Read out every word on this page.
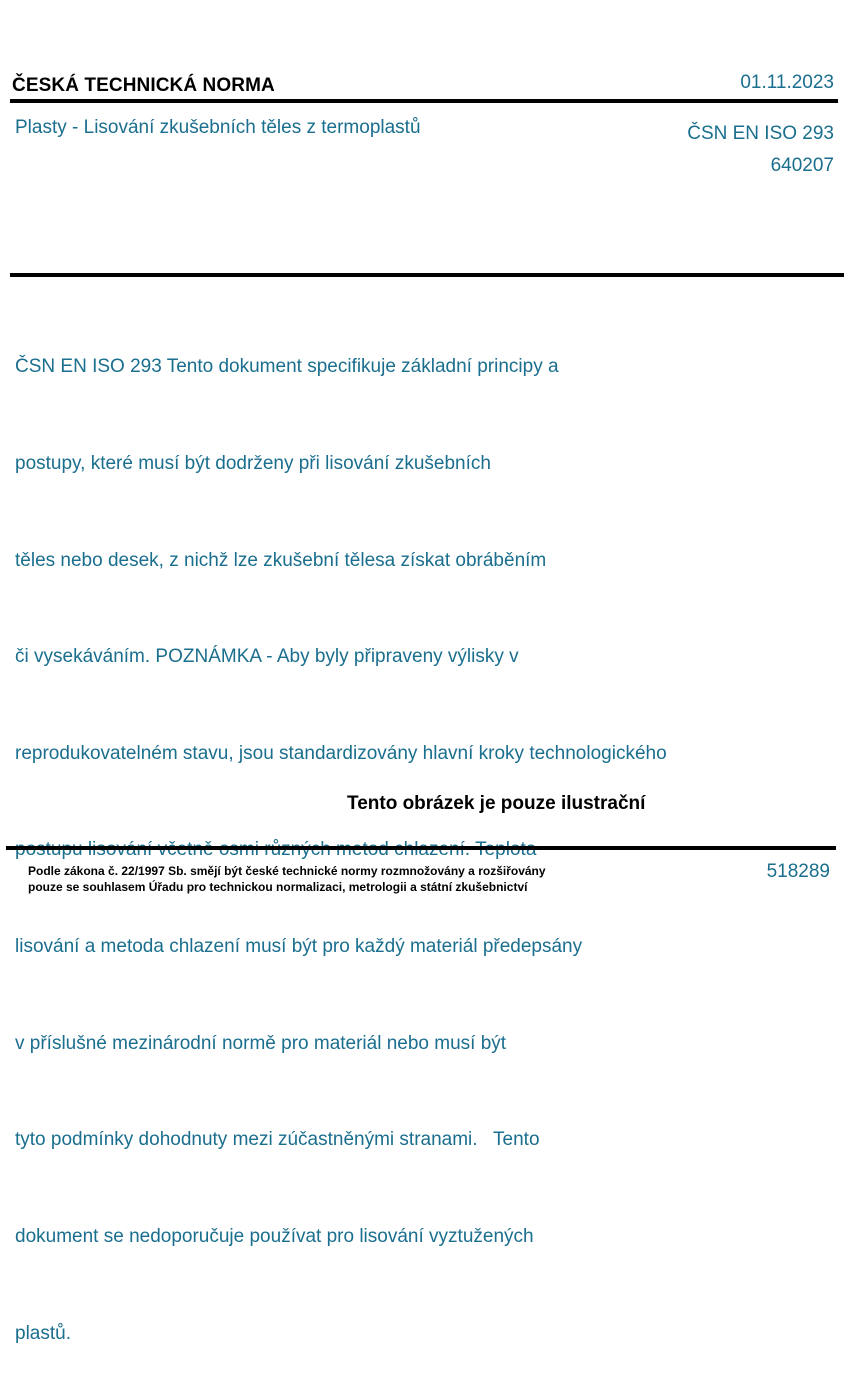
ČESKÁ TECHNICKÁ NORMA	01.11.2023
Plasty - Lisování zkušebních těles z termoplastů	ČSN EN ISO 293
640207

ČSN EN ISO 293 Tento dokument specifikuje základní principy a

postupy, které musí být dodrženy při lisování zkušebních

těles nebo desek, z nichž lze zkušební tělesa získat obráběním

či vysekáváním. POZNÁMKA - Aby byly připraveny výlisky v

reprodukovatelném stavu, jsou standardizovány hlavní kroky technologického

lisování a metoda chlazení musí být pro každý materiál předepsány

v příslušné mezinárodní normě pro materiál nebo musí být

tyto podmínky dohodnuty mezi zúčastněnými stranami.   Tento

dokument se nedoporučuje používat pro lisování vyztužených

plastů.

Tento obrázek je pouze ilustrační
Podle zákona č. 22/1997 Sb. smějí být české technické normy rozmnožovány a rozšiřovány
pouze se souhlasem Úřadu pro technickou normalizaci, metrologii a státní zkušebnictví
518289
